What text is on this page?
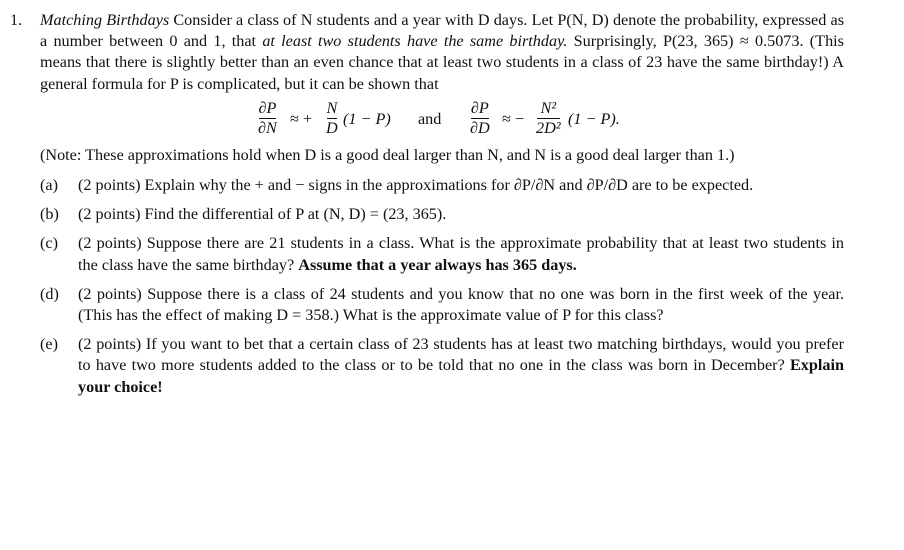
1. Matching Birthdays Consider a class of N students and a year with D days. Let P(N, D) denote the probability, expressed as a number between 0 and 1, that at least two students have the same birthday. Surprisingly, P(23, 365) ≈ 0.5073. (This means that there is slightly better than an even chance that at least two students in a class of 23 have the same birthday!) A general formula for P is complicated, but it can be shown that

∂P
∂N ≈ +
N
D (1 − P) and
∂P
∂D ≈ −
N²
2D² (1 − P).

(Note: These approximations hold when D is a good deal larger than N, and N is a good deal larger than 1.)

(a) (2 points) Explain why the + and − signs in the approximations for ∂P/∂N and ∂P/∂D are to be expected.

(b) (2 points) Find the differential of P at (N, D) = (23, 365).

(c) (2 points) Suppose there are 21 students in a class. What is the approximate probability that at least two students in the class have the same birthday? Assume that a year always has 365 days.

(d) (2 points) Suppose there is a class of 24 students and you know that no one was born in the first week of the year. (This has the effect of making D = 358.) What is the approximate value of P for this class?

(e) (2 points) If you want to bet that a certain class of 23 students has at least two matching birthdays, would you prefer to have two more students added to the class or to be told that no one in the class was born in December? Explain your choice!
